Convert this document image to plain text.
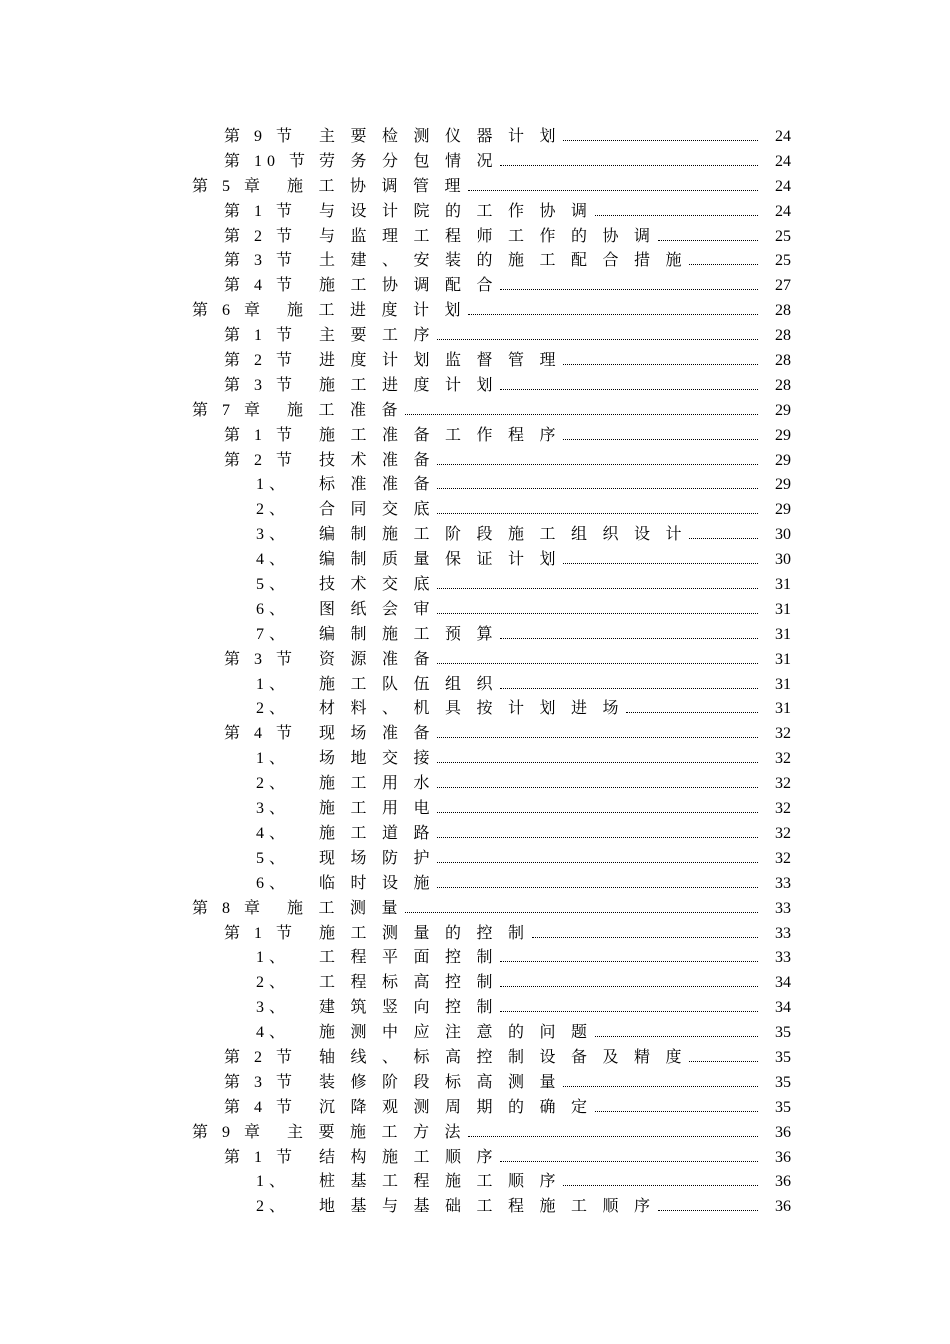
第 9 节 主要检测仪器计划	24
第 10 节 劳务分包情况	24
第 5 章 施工协调管理	24
第 1 节 与设计院的工作协调	24
第 2 节 与监理工程师工作的协调	25
第 3 节 土建、安装的施工配合措施	25
第 4 节 施工协调配合	27
第 6 章 施工进度计划	28
第 1 节 主要工序	28
第 2 节 进度计划监督管理	28
第 3 节 施工进度计划	28
第 7 章 施工准备	29
第 1 节 施工准备工作程序	29
第 2 节 技术准备	29
1、 标准准备	29
2、 合同交底	29
3、 编制施工阶段施工组织设计	30
4、 编制质量保证计划	30
5、 技术交底	31
6、 图纸会审	31
7、 编制施工预算	31
第 3 节 资源准备	31
1、 施工队伍组织	31
2、 材料、机具按计划进场	31
第 4 节 现场准备	32
1、 场地交接	32
2、 施工用水	32
3、 施工用电	32
4、 施工道路	32
5、 现场防护	32
6、 临时设施	33
第 8 章 施工测量	33
第 1 节 施工测量的控制	33
1、 工程平面控制	33
2、 工程标高控制	34
3、 建筑竖向控制	34
4、 施测中应注意的问题	35
第 2 节 轴线、标高控制设备及精度	35
第 3 节 装修阶段标高测量	35
第 4 节 沉降观测周期的确定	35
第 9 章 主要施工方法	36
第 1 节 结构施工顺序	36
1、 桩基工程施工顺序	36
2、 地基与基础工程施工顺序	36
